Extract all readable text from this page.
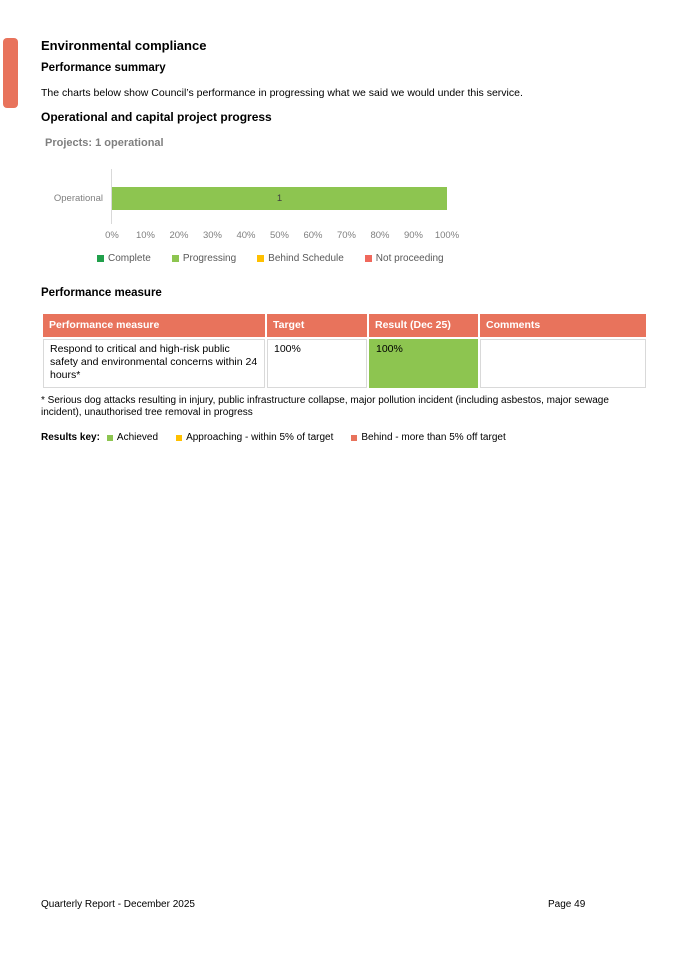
Environmental compliance
Performance summary

The charts below show Council’s performance in progressing what we said we would under this service.

Operational and capital project progress
Projects: 1 operational
Operational	1
0% 10% 20% 30% 40% 50% 60% 70% 80% 90% 100%
Complete	Progressing	Behind Schedule	Not proceeding
Performance measure
Performance measure	Target	Result (Dec 25)	Comments
Respond to critical and high-risk public safety and environmental concerns within 24 hours*	100%	100%	

* Serious dog attacks resulting in injury, public infrastructure collapse, major pollution incident (including asbestos, major sewage incident), unauthorised tree removal in progress

Results key: Achieved	Approaching - within 5% of target	Behind - more than 5% off target
Quarterly Report - December 2025	Page 49
